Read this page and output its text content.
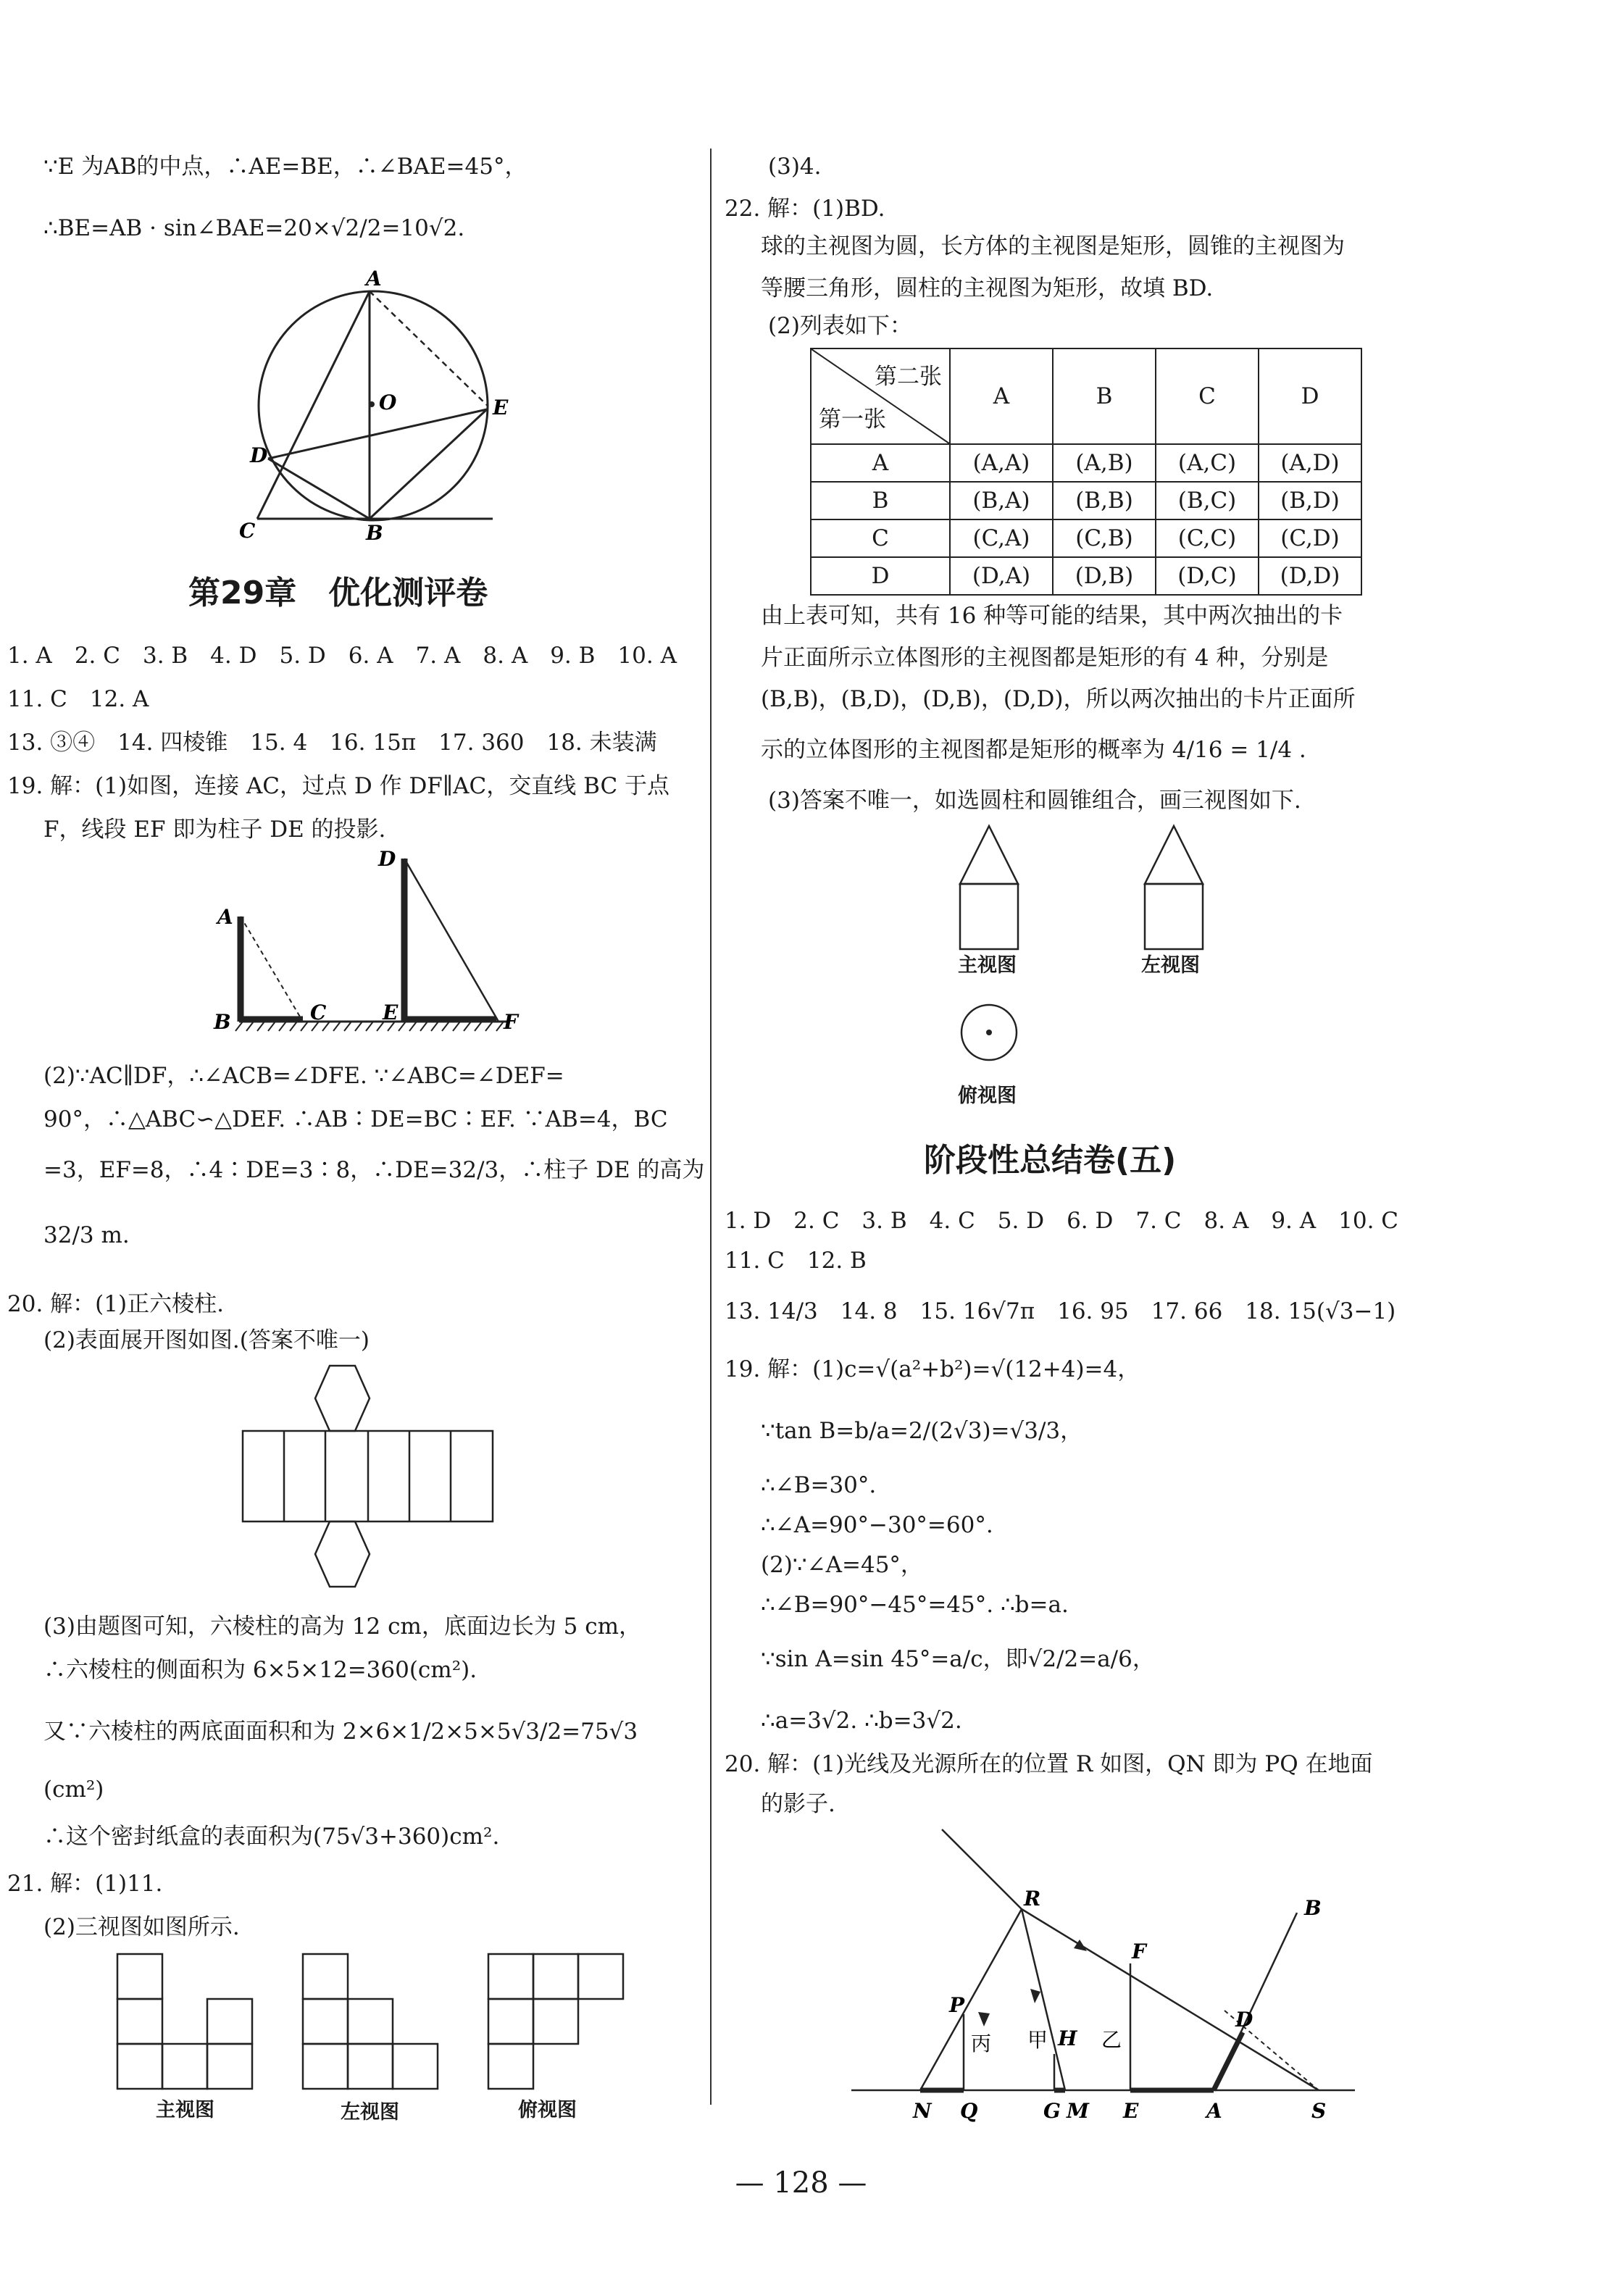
∵E 为AB的中点，∴AE=BE，∴∠BAE=45°，
∴BE=AB · sin∠BAE=20×√2/2=10√2.
A
O	E
D
C	B
第29章　优化测评卷
1. A　2. C　3. B　4. D　5. D　6. A　7. A　8. A　9. B　10. A
11. C　12. A
13. ③④　14. 四棱锥　15. 4　16. 15π　17. 360　18. 未装满
19. 解：(1)如图，连接 AC，过点 D 作 DF∥AC，交直线 BC 于点
F，线段 EF 即为柱子 DE 的投影.
A
B	C
D
E	F
(2)∵AC∥DF，∴∠ACB=∠DFE. ∵∠ABC=∠DEF=
90°，∴△ABC∽△DEF. ∴AB∶DE=BC∶EF. ∵AB=4，BC
=3，EF=8，∴4∶DE=3∶8，∴DE=32/3，∴柱子 DE 的高为
32/3 m.
20. 解：(1)正六棱柱.
(2)表面展开图如图.(答案不唯一)
(3)由题图可知，六棱柱的高为 12 cm，底面边长为 5 cm，
∴六棱柱的侧面积为 6×5×12=360(cm²).
又∵六棱柱的两底面面积和为 2×6×1/2×5×5√3/2=75√3
(cm²)
∴这个密封纸盒的表面积为(75√3+360)cm².
21. 解：(1)11.
(2)三视图如图所示.
主视图	左视图	俯视图
(3)4.
22. 解：(1)BD.
球的主视图为圆，长方体的主视图是矩形，圆锥的主视图为
等腰三角形，圆柱的主视图为矩形，故填 BD.
(2)列表如下：
第二张
第一张	A	B	C	D
A	(A,A)	(A,B)	(A,C)	(A,D)
B	(B,A)	(B,B)	(B,C)	(B,D)
C	(C,A)	(C,B)	(C,C)	(C,D)
D	(D,A)	(D,B)	(D,C)	(D,D)
由上表可知，共有 16 种等可能的结果，其中两次抽出的卡
片正面所示立体图形的主视图都是矩形的有 4 种，分别是
(B,B)，(B,D)，(D,B)，(D,D)，所以两次抽出的卡片正面所
示的立体图形的主视图都是矩形的概率为 4/16 = 1/4 .
(3)答案不唯一，如选圆柱和圆锥组合，画三视图如下.
主视图	左视图
俯视图
阶段性总结卷(五)
1. D　2. C　3. B　4. C　5. D　6. D　7. C　8. A　9. A　10. C
11. C　12. B
13. 14/3　14. 8　15. 16√7π　16. 95　17. 66　18. 15(√3−1)
19. 解：(1)c=√(a²+b²)=√(12+4)=4，
∵tan B=b/a=2/(2√3)=√3/3，
∴∠B=30°.
∴∠A=90°−30°=60°.
(2)∵∠A=45°，
∴∠B=90°−45°=45°. ∴b=a.
∵sin A=sin 45°=a/c，即√2/2=a/6，
∴a=3√2. ∴b=3√2.
20. 解：(1)光线及光源所在的位置 R 如图，QN 即为 PQ 在地面
的影子.
R	B
F
P
H
D
N Q	G M E	A	S
丙 甲	乙
— 128 —
